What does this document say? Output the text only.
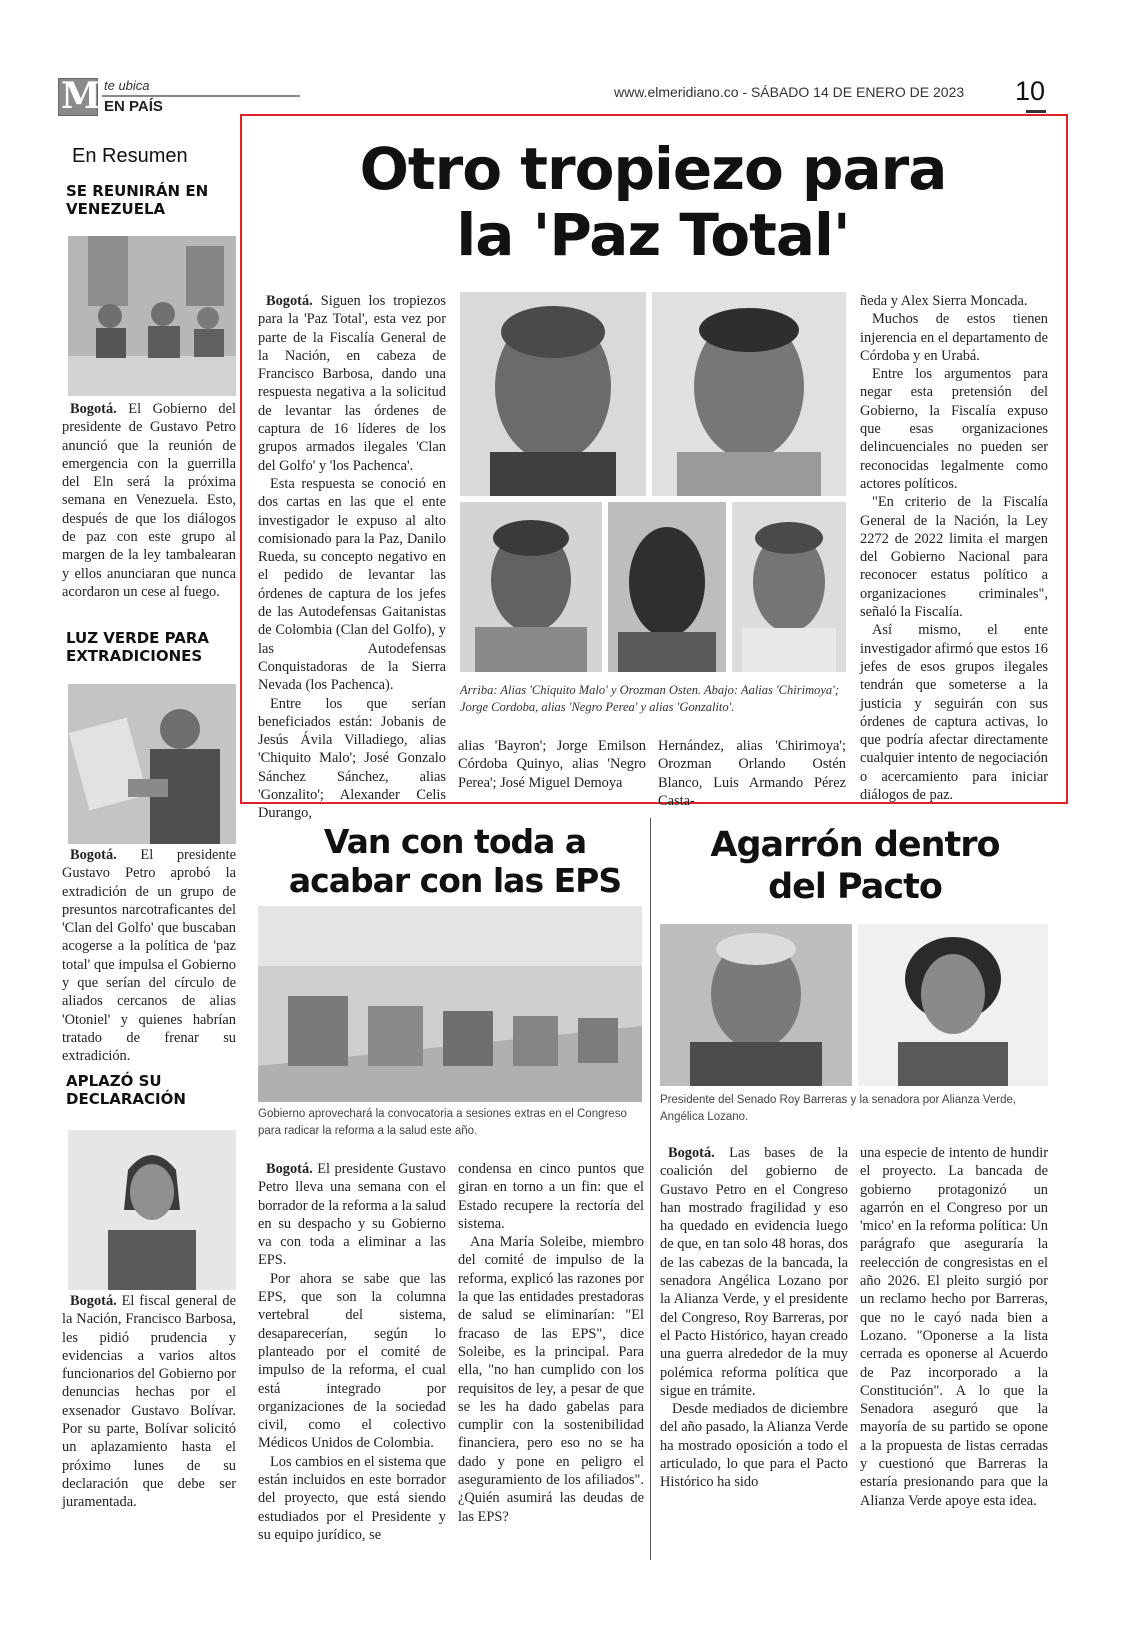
M te ubica
EN PAÍS
www.elmeridiano.co - SÁBADO 14 DE ENERO DE 2023 10
En Resumen
SE REUNIRÁN EN VENEZUELA

Bogotá. El Gobierno del presidente de Gustavo Petro anunció que la reunión de emergencia con la guerrilla del Eln será la próxima semana en Venezuela. Esto, después de que los diálogos de paz con este grupo al margen de la ley tambalearan y ellos anunciaran que nunca acordaron un cese al fuego.

LUZ VERDE PARA EXTRADICIONES

Bogotá. El presidente Gustavo Petro aprobó la extradición de un grupo de presuntos narcotraficantes del 'Clan del Golfo' que buscaban acogerse a la política de 'paz total' que impulsa el Gobierno y que serían del círculo de aliados cercanos de alias 'Otoniel' y quienes habrían tratado de frenar su extradición.

APLAZÓ SU DECLARACIÓN

Bogotá. El fiscal general de la Nación, Francisco Barbosa, les pidió prudencia y evidencias a varios altos funcionarios del Gobierno por denuncias hechas por el exsenador Gustavo Bolívar. Por su parte, Bolívar solicitó un aplazamiento hasta el próximo lunes de su declaración que debe ser juramentada.

Otro tropiezo para
la 'Paz Total'

Bogotá. Siguen los tropiezos para la 'Paz Total', esta vez por parte de la Fiscalía General de la Nación, en cabeza de Francisco Barbosa, dando una respuesta negativa a la solicitud de levantar las órdenes de captura de 16 líderes de los grupos armados ilegales 'Clan del Golfo' y 'los Pachenca'.

Esta respuesta se conoció en dos cartas en las que el ente investigador le expuso al alto comisionado para la Paz, Danilo Rueda, su concepto negativo en el pedido de levantar las órdenes de captura de los jefes de las Autodefensas Gaitanistas de Colombia (Clan del Golfo), y las Autodefensas Conquistadoras de la Sierra Nevada (los Pachenca).

Entre los que serían beneficiados están: Jobanis de Jesús Ávila Villadiego, alias 'Chiquito Malo'; José Gonzalo Sánchez Sánchez, alias 'Gonzalito'; Alexander Celis Durango,

Arriba: Alias 'Chiquito Malo' y Orozman Osten. Abajo: Aalias 'Chirimoya'; Jorge Cordoba, alias 'Negro Perea' y alias 'Gonzalito'.

alias 'Bayron'; Jorge Emilson Córdoba Quinyo, alias 'Negro Perea'; José Miguel Demoya

Hernández, alias 'Chirimoya'; Orozman Orlando Ostén Blanco, Luis Armando Pérez Casta-

ñeda y Alex Sierra Moncada.

Muchos de estos tienen injerencia en el departamento de Córdoba y en Urabá.

Entre los argumentos para negar esta pretensión del Gobierno, la Fiscalía expuso que esas organizaciones delincuenciales no pueden ser reconocidas legalmente como actores políticos.

"En criterio de la Fiscalía General de la Nación, la Ley 2272 de 2022 limita el margen del Gobierno Nacional para reconocer estatus político a organizaciones criminales", señaló la Fiscalía.

Así mismo, el ente investigador afirmó que estos 16 jefes de esos grupos ilegales tendrán que someterse a la justicia y seguirán con sus órdenes de captura activas, lo que podría afectar directamente cualquier intento de negociación o acercamiento para iniciar diálogos de paz.

Van con toda a
acabar con las EPS
Gobierno aprovechará la convocatoria a sesiones extras en el Congreso para radicar la reforma a la salud este año.

Bogotá. El presidente Gustavo Petro lleva una semana con el borrador de la reforma a la salud en su despacho y su Gobierno va con toda a eliminar a las EPS.

Por ahora se sabe que las EPS, que son la columna vertebral del sistema, desaparecerían, según lo planteado por el comité de impulso de la reforma, el cual está integrado por organizaciones de la sociedad civil, como el colectivo Médicos Unidos de Colombia.

Los cambios en el sistema que están incluidos en este borrador del proyecto, que está siendo estudiados por el Presidente y su equipo jurídico, se

condensa en cinco puntos que giran en torno a un fin: que el Estado recupere la rectoría del sistema.

Ana María Soleibe, miembro del comité de impulso de la reforma, explicó las razones por la que las entidades prestadoras de salud se eliminarían: "El fracaso de las EPS", dice Soleibe, es la principal. Para ella, "no han cumplido con los requisitos de ley, a pesar de que se les ha dado gabelas para cumplir con la sostenibilidad financiera, pero eso no se ha dado y pone en peligro el aseguramiento de los afiliados". ¿Quién asumirá las deudas de las EPS?

Agarrón dentro
del Pacto
Presidente del Senado Roy Barreras y la senadora por Alianza Verde, Angélica Lozano.

Bogotá. Las bases de la coalición del gobierno de Gustavo Petro en el Congreso han mostrado fragilidad y eso ha quedado en evidencia luego de que, en tan solo 48 horas, dos de las cabezas de la bancada, la senadora Angélica Lozano por la Alianza Verde, y el presidente del Congreso, Roy Barreras, por el Pacto Histórico, hayan creado una guerra alrededor de la muy polémica reforma política que sigue en trámite.

Desde mediados de diciembre del año pasado, la Alianza Verde ha mostrado oposición a todo el articulado, lo que para el Pacto Histórico ha sido

una especie de intento de hundir el proyecto. La bancada de gobierno protagonizó un agarrón en el Congreso por un 'mico' en la reforma política: Un parágrafo que aseguraría la reelección de congresistas en el año 2026. El pleito surgió por un reclamo hecho por Barreras, que no le cayó nada bien a Lozano. "Oponerse a la lista cerrada es oponerse al Acuerdo de Paz incorporado a la Constitución". A lo que la Senadora aseguró que la mayoría de su partido se opone a la propuesta de listas cerradas y cuestionó que Barreras la estaría presionando para que la Alianza Verde apoye esta idea.
